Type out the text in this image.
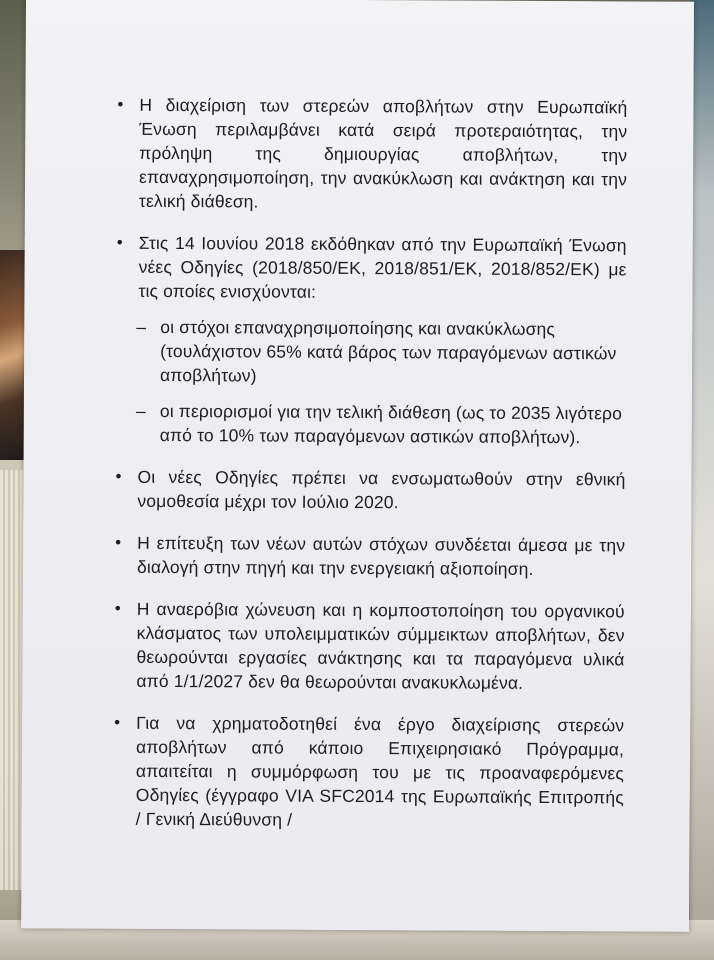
• Η διαχείριση των στερεών αποβλήτων στην Ευρωπαϊκή Ένωση περιλαμβάνει κατά σειρά προτεραιότητας, την πρόληψη της δημιουργίας αποβλήτων, την επαναχρησιμοποίηση, την ανακύκλωση και ανάκτηση και την τελική διάθεση.
• Στις 14 Ιουνίου 2018 εκδόθηκαν από την Ευρωπαϊκή Ένωση νέες Οδηγίες (2018/850/ΕΚ, 2018/851/ΕΚ, 2018/852/ΕΚ) με τις οποίες ενισχύονται:
– οι στόχοι επαναχρησιμοποίησης και ανακύκλωσης (τουλάχιστον 65% κατά βάρος των παραγόμενων αστικών αποβλήτων)
– οι περιορισμοί για την τελική διάθεση (ως το 2035 λιγότερο από το 10% των παραγόμενων αστικών αποβλήτων).
• Οι νέες Οδηγίες πρέπει να ενσωματωθούν στην εθνική νομοθεσία μέχρι τον Ιούλιο 2020.
• Η επίτευξη των νέων αυτών στόχων συνδέεται άμεσα με την διαλογή στην πηγή και την ενεργειακή αξιοποίηση.
• Η αναερόβια χώνευση και η κομποστοποίηση του οργανικού κλάσματος των υπολειμματικών σύμμεικτων αποβλήτων, δεν θεωρούνται εργασίες ανάκτησης και τα παραγόμενα υλικά από 1/1/2027 δεν θα θεωρούνται ανακυκλωμένα.
• Για να χρηματοδοτηθεί ένα έργο διαχείρισης στερεών αποβλήτων από κάποιο Επιχειρησιακό Πρόγραμμα, απαιτείται η συμμόρφωση του με τις προαναφερόμενες Οδηγίες (έγγραφο VIA SFC2014 της Ευρωπαϊκής Επιτροπής / Γενική Διεύθυνση /
